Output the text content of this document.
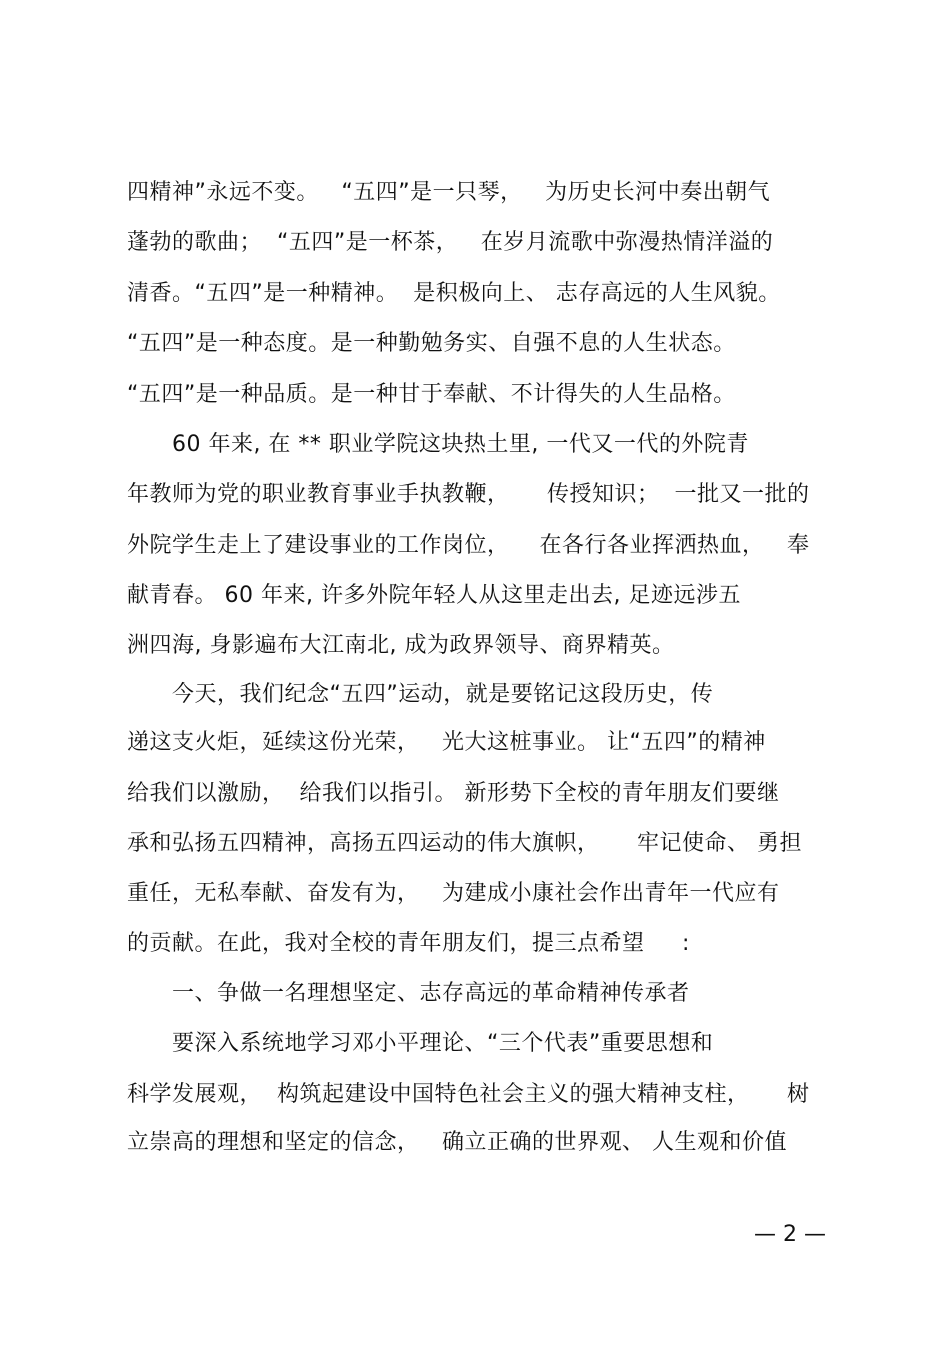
四精神”永远不变。   “五四”是一只琴，   为历史长河中奏出朝气
蓬勃的歌曲；  “五四”是一杯茶，   在岁月流歌中弥漫热情洋溢的
清香。“五四”是一种精神。  是积极向上、 志存高远的人生风貌。
“五四”是一种态度。是一种勤勉务实、自强不息的人生状态。
“五四”是一种品质。是一种甘于奉献、不计得失的人生品格。
60 年来, 在 ** 职业学院这块热土里, 一代又一代的外院青
年教师为党的职业教育事业手执教鞭，     传授知识；  一批又一批的
外院学生走上了建设事业的工作岗位，    在各行各业挥洒热血，   奉
献青春。 60 年来, 许多外院年轻人从这里走出去, 足迹远涉五
洲四海, 身影遍布大江南北, 成为政界领导、商界精英。
今天，我们纪念“五四”运动，就是要铭记这段历史，传
递这支火炬，延续这份光荣，   光大这桩事业。 让“五四”的精神
给我们以激励，  给我们以指引。 新形势下全校的青年朋友们要继
承和弘扬五四精神，高扬五四运动的伟大旗帜，     牢记使命、 勇担
重任，无私奉献、奋发有为，   为建成小康社会作出青年一代应有
的贡献。在此，我对全校的青年朋友们，提三点希望     :
一、争做一名理想坚定、志存高远的革命精神传承者
要深入系统地学习邓小平理论、“三个代表”重要思想和
科学发展观，  构筑起建设中国特色社会主义的强大精神支柱，     树
立崇高的理想和坚定的信念，   确立正确的世界观、 人生观和价值
— 2 —
